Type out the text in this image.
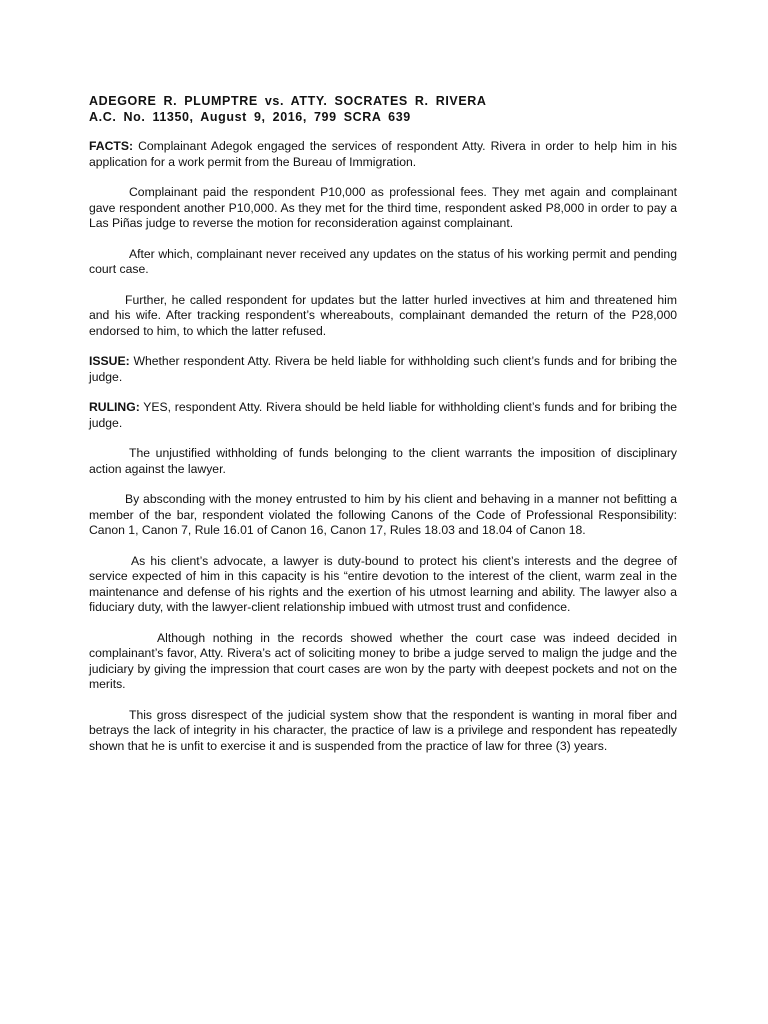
ADEGORE R. PLUMPTRE vs. ATTY. SOCRATES R. RIVERA
A.C. No. 11350, August 9, 2016, 799 SCRA 639

FACTS: Complainant Adegok engaged the services of respondent Atty. Rivera in order to help him in his application for a work permit from the Bureau of Immigration.

Complainant paid the respondent P10,000 as professional fees. They met again and complainant gave respondent another P10,000. As they met for the third time, respondent asked P8,000 in order to pay a Las Piñas judge to reverse the motion for reconsideration against complainant.

After which, complainant never received any updates on the status of his working permit and pending court case.

Further, he called respondent for updates but the latter hurled invectives at him and threatened him and his wife. After tracking respondent’s whereabouts, complainant demanded the return of the P28,000 endorsed to him, to which the latter refused.

ISSUE: Whether respondent Atty. Rivera be held liable for withholding such client’s funds and for bribing the judge.

RULING: YES, respondent Atty. Rivera should be held liable for withholding client’s funds and for bribing the judge.

The unjustified withholding of funds belonging to the client warrants the imposition of disciplinary action against the lawyer.

By absconding with the money entrusted to him by his client and behaving in a manner not befitting a member of the bar, respondent violated the following Canons of the Code of Professional Responsibility: Canon 1, Canon 7, Rule 16.01 of Canon 16, Canon 17, Rules 18.03 and 18.04 of Canon 18.

As his client’s advocate, a lawyer is duty-bound to protect his client’s interests and the degree of service expected of him in this capacity is his “entire devotion to the interest of the client, warm zeal in the maintenance and defense of his rights and the exertion of his utmost learning and ability. The lawyer also a fiduciary duty, with the lawyer-client relationship imbued with utmost trust and confidence.

Although nothing in the records showed whether the court case was indeed decided in complainant’s favor, Atty. Rivera’s act of soliciting money to bribe a judge served to malign the judge and the judiciary by giving the impression that court cases are won by the party with deepest pockets and not on the merits.

This gross disrespect of the judicial system show that the respondent is wanting in moral fiber and betrays the lack of integrity in his character, the practice of law is a privilege and respondent has repeatedly shown that he is unfit to exercise it and is suspended from the practice of law for three (3) years.
